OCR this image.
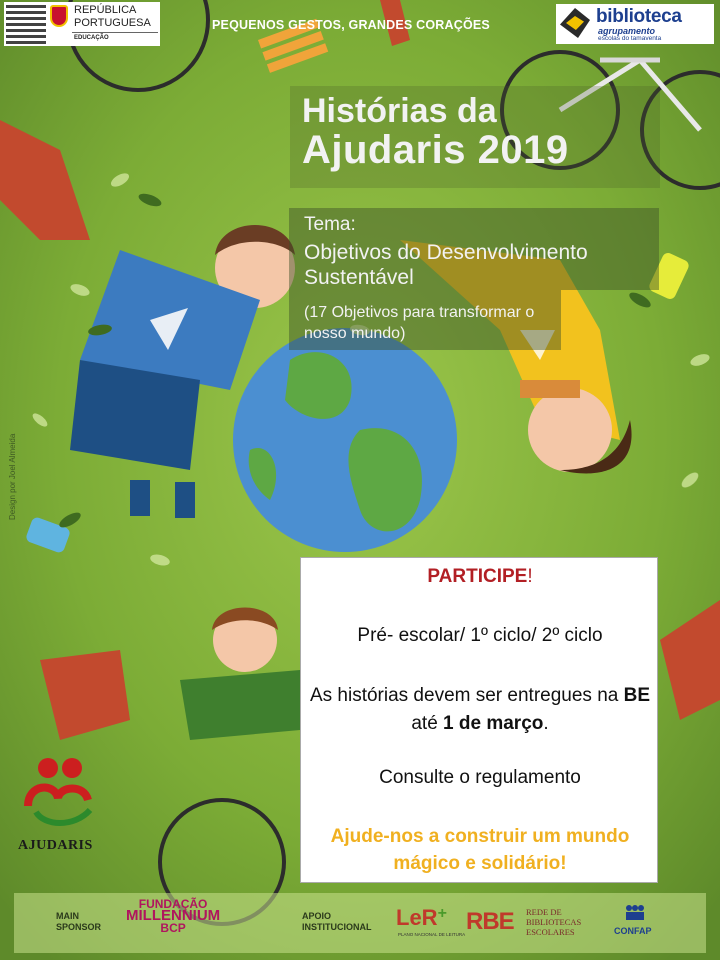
REPÚBLICA
PORTUGUESA
EDUCAÇÃO
PEQUENOS GESTOS, GRANDES CORAÇÕES	biblioteca
agrupamento
escolas do tamaventa
Histórias da
Ajudaris 2019
Tema:
Objetivos do Desenvolvimento Sustentável
(17 Objetivos para transformar o nosso mundo)
Design por Joel Almeida
PARTICIPE!
Pré- escolar/ 1º ciclo/ 2º ciclo
As histórias devem ser entregues na BE até 1 de março.
Consulte o regulamento
Ajude-nos a construir um mundo mágico e solidário!
AJUDARIS
MAIN SPONSOR
FUNDAÇÃO
MILLENNIUM
BCP
APOIO INSTITUCIONAL	LeR+
PLANO NACIONAL DE LEITURA RBE REDE DE BIBLIOTECAS ESCOLARES	CONFAP
